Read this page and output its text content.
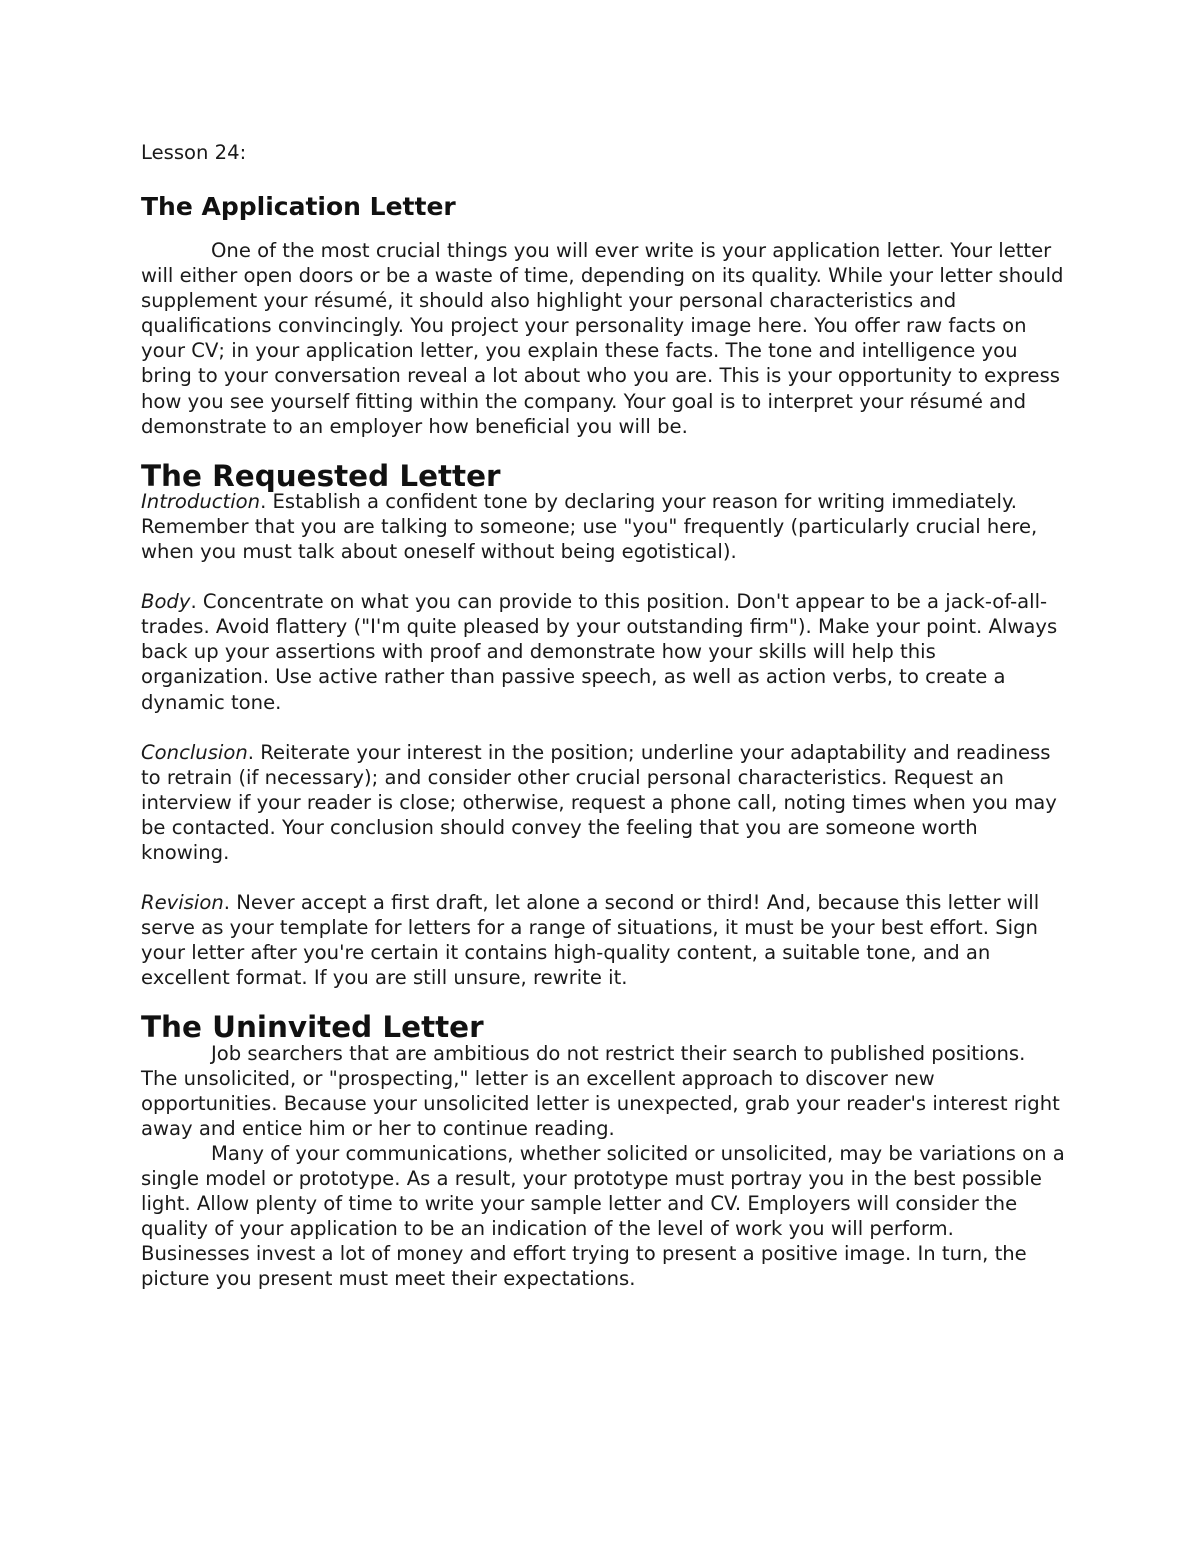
Lesson 24:

The Application Letter

One of the most crucial things you will ever write is your application letter. Your letter will either open doors or be a waste of time, depending on its quality. While your letter should supplement your résumé, it should also highlight your personal characteristics and qualifications convincingly. You project your personality image here. You offer raw facts on your CV; in your application letter, you explain these facts. The tone and intelligence you bring to your conversation reveal a lot about who you are. This is your opportunity to express how you see yourself fitting within the company. Your goal is to interpret your résumé and demonstrate to an employer how beneficial you will be.

The Requested Letter

Introduction. Establish a confident tone by declaring your reason for writing immediately. Remember that you are talking to someone; use "you" frequently (particularly crucial here, when you must talk about oneself without being egotistical).

Body. Concentrate on what you can provide to this position. Don't appear to be a jack-of-all-trades. Avoid flattery ("I'm quite pleased by your outstanding firm"). Make your point. Always back up your assertions with proof and demonstrate how your skills will help this organization. Use active rather than passive speech, as well as action verbs, to create a dynamic tone.

Conclusion. Reiterate your interest in the position; underline your adaptability and readiness to retrain (if necessary); and consider other crucial personal characteristics. Request an interview if your reader is close; otherwise, request a phone call, noting times when you may be contacted. Your conclusion should convey the feeling that you are someone worth knowing.

Revision. Never accept a first draft, let alone a second or third! And, because this letter will serve as your template for letters for a range of situations, it must be your best effort. Sign your letter after you're certain it contains high-quality content, a suitable tone, and an excellent format. If you are still unsure, rewrite it.

The Uninvited Letter

Job searchers that are ambitious do not restrict their search to published positions. The unsolicited, or "prospecting," letter is an excellent approach to discover new opportunities. Because your unsolicited letter is unexpected, grab your reader's interest right away and entice him or her to continue reading.

Many of your communications, whether solicited or unsolicited, may be variations on a single model or prototype. As a result, your prototype must portray you in the best possible light. Allow plenty of time to write your sample letter and CV. Employers will consider the quality of your application to be an indication of the level of work you will perform. Businesses invest a lot of money and effort trying to present a positive image. In turn, the picture you present must meet their expectations.
